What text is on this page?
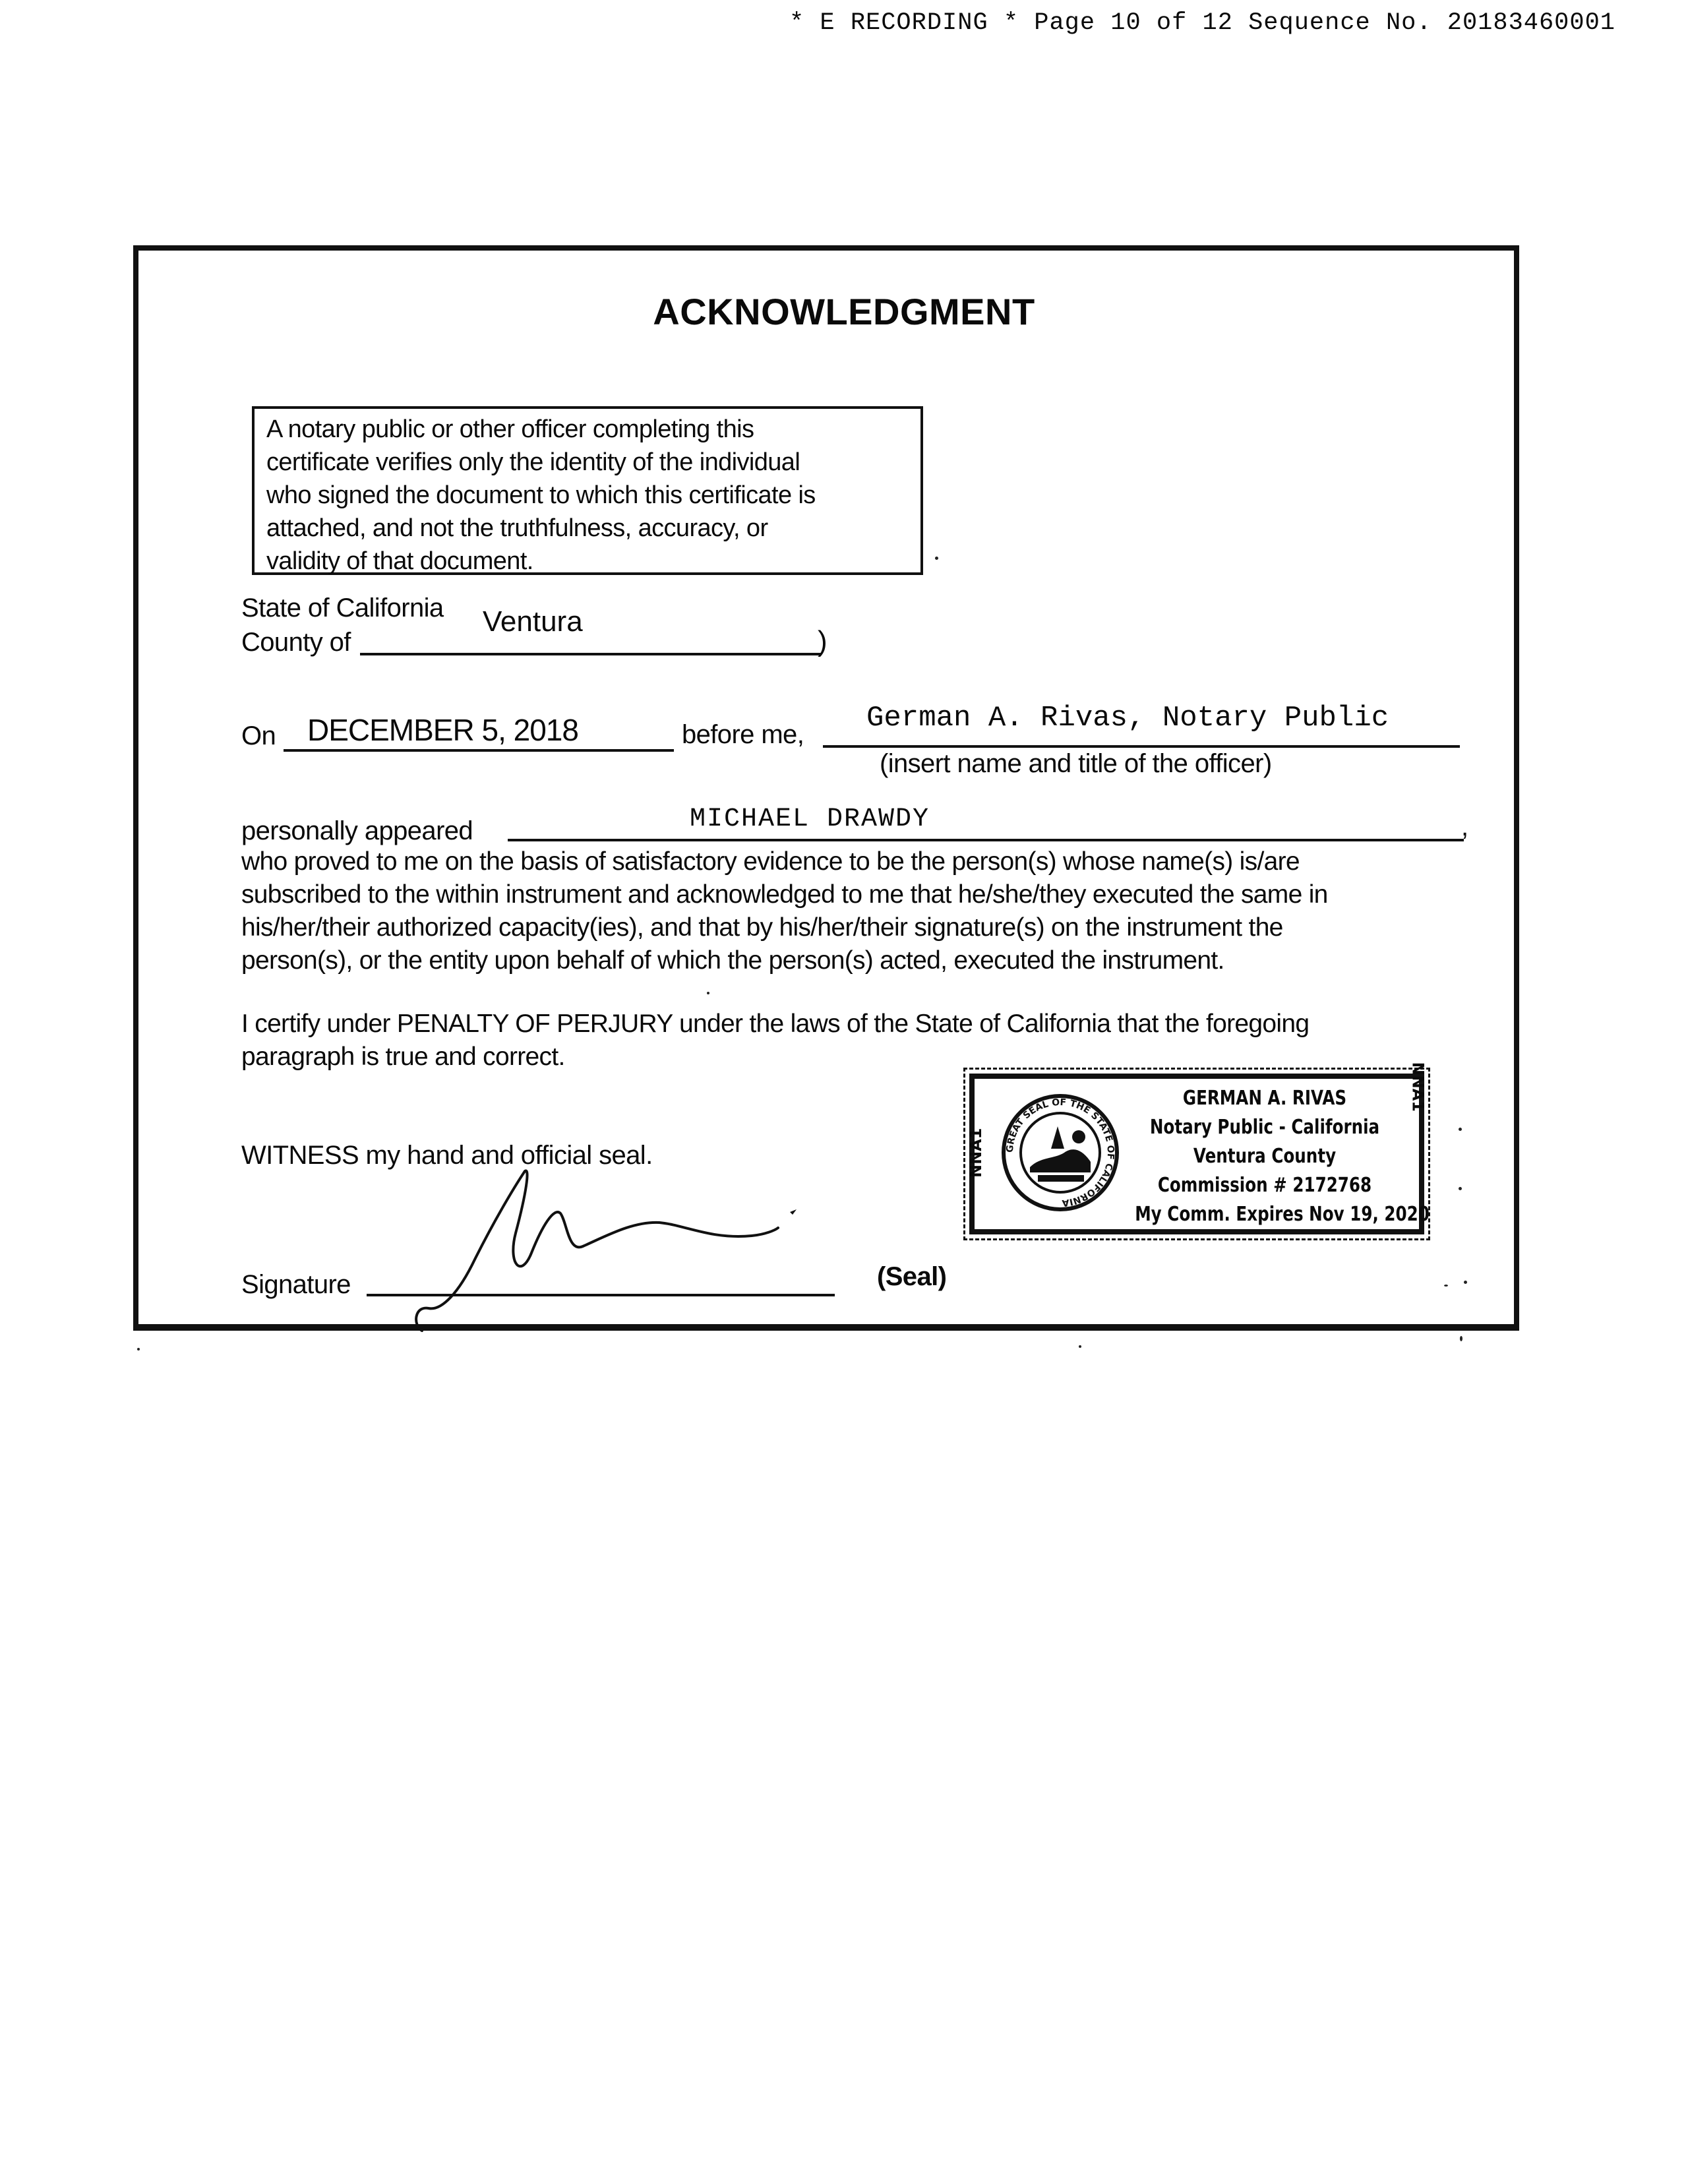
* E RECORDING * Page 10 of 12 Sequence No. 20183460001
ACKNOWLEDGMENT
A notary public or other officer completing this
certificate verifies only the identity of the individual
who signed the document to which this certificate is
attached, and not the truthfulness, accuracy, or
validity of that document.
State of California
County of
Ventura
)
On DECEMBER 5, 2018	before me, German A. Rivas, Notary Public
(insert name and title of the officer)
personally appeared	MICHAEL DRAWDY	,
who proved to me on the basis of satisfactory evidence to be the person(s) whose name(s) is/are
subscribed to the within instrument and acknowledged to me that he/she/they executed the same in
his/her/their authorized capacity(ies), and that by his/her/their signature(s) on the instrument the
person(s), or the entity upon behalf of which the person(s) acted, executed the instrument.
I certify under PENALTY OF PERJURY under the laws of the State of California that the foregoing
paragraph is true and correct.
WITNESS my hand and official seal.
Signature	(Seal)
GREAT SEAL OF THE STATE OF CALIFORNIA
GERMAN A. RIVAS
Notary Public - California
Ventura County
Commission # 2172768
My Comm. Expires Nov 19, 2020
NNA1
NNA1
